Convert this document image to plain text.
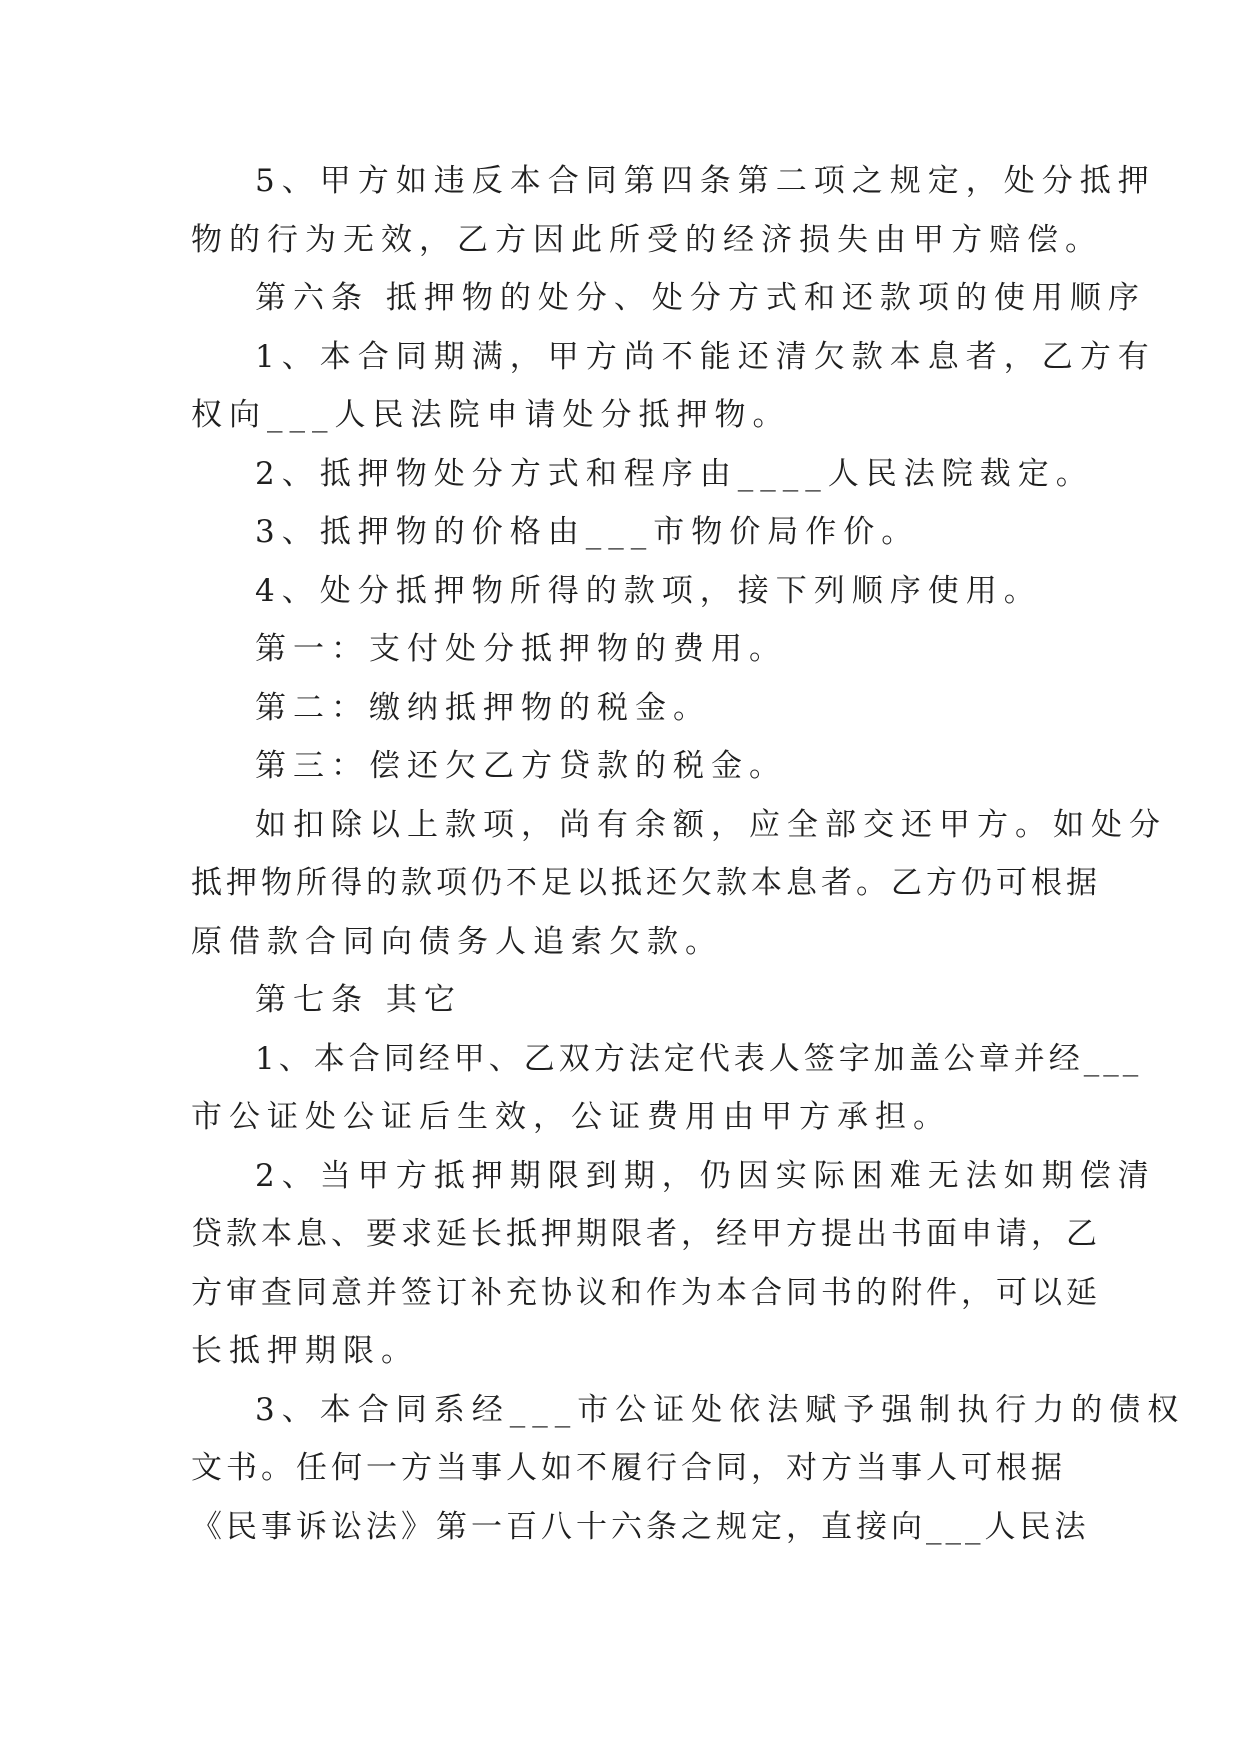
5、甲方如违反本合同第四条第二项之规定，处分抵押
物的行为无效，乙方因此所受的经济损失由甲方赔偿。
第六条 抵押物的处分、处分方式和还款项的使用顺序
1、本合同期满，甲方尚不能还清欠款本息者，乙方有
权向___人民法院申请处分抵押物。
2、抵押物处分方式和程序由____人民法院裁定。
3、抵押物的价格由___市物价局作价。
4、处分抵押物所得的款项，接下列顺序使用。
第一：支付处分抵押物的费用。
第二：缴纳抵押物的税金。
第三：偿还欠乙方贷款的税金。
如扣除以上款项，尚有余额，应全部交还甲方。如处分
抵押物所得的款项仍不足以抵还欠款本息者。乙方仍可根据
原借款合同向债务人追索欠款。
第七条 其它
1、本合同经甲、乙双方法定代表人签字加盖公章并经___
市公证处公证后生效，公证费用由甲方承担。
2、当甲方抵押期限到期，仍因实际困难无法如期偿清
贷款本息、要求延长抵押期限者，经甲方提出书面申请，乙
方审查同意并签订补充协议和作为本合同书的附件，可以延
长抵押期限。
3、本合同系经___市公证处依法赋予强制执行力的债权
文书。任何一方当事人如不履行合同，对方当事人可根据
《民事诉讼法》第一百八十六条之规定，直接向___人民法
